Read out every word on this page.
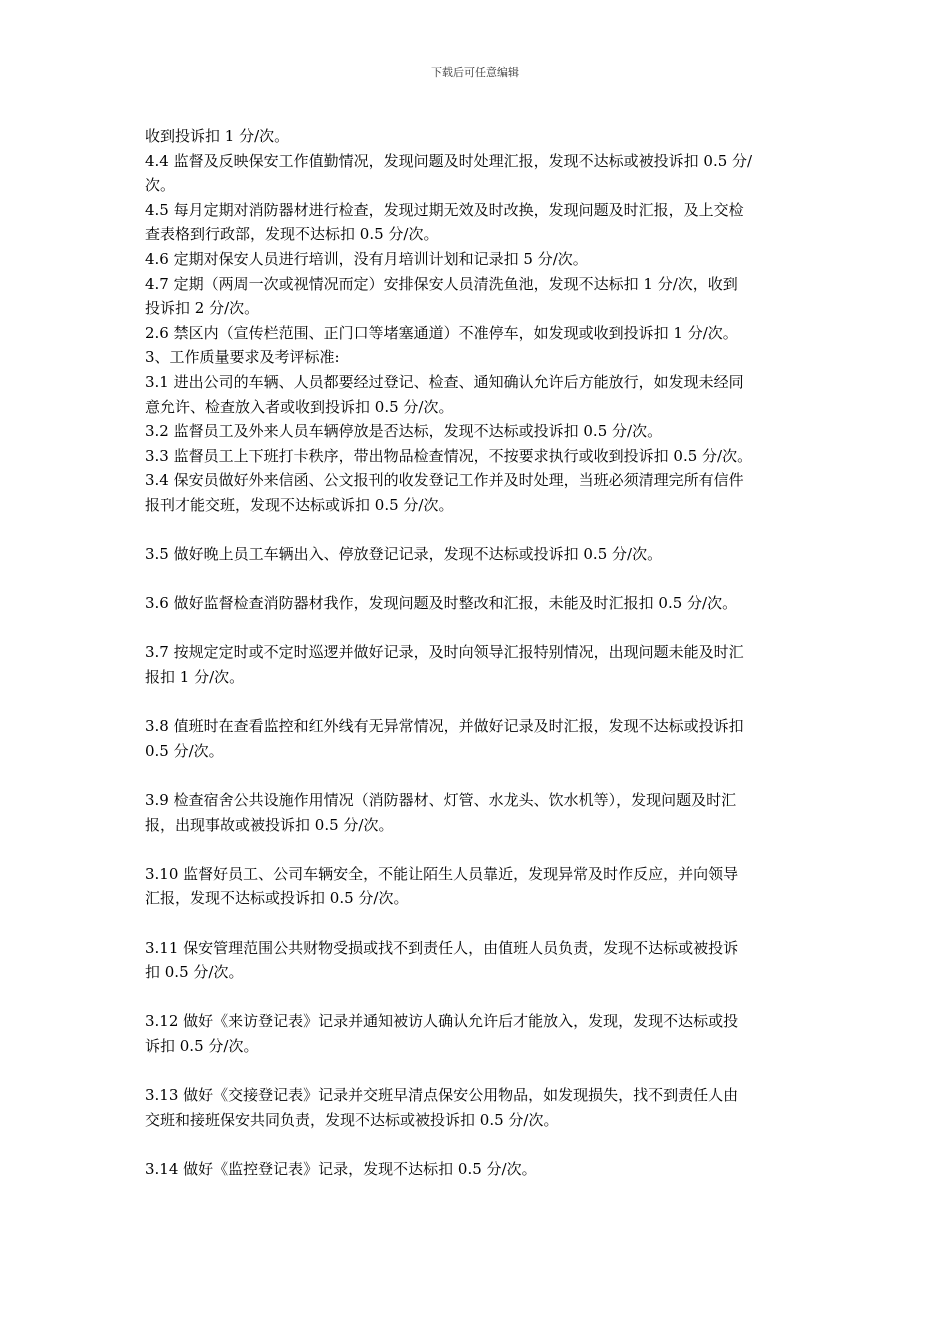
下载后可任意编辑
收到投诉扣 1 分/次。
4.4 监督及反映保安工作值勤情况，发现问题及时处理汇报，发现不达标或被投诉扣 0.5 分/
次。
4.5 每月定期对消防器材进行检查，发现过期无效及时改换，发现问题及时汇报，及上交检
查表格到行政部，发现不达标扣 0.5 分/次。
4.6 定期对保安人员进行培训，没有月培训计划和记录扣 5 分/次。
4.7 定期（两周一次或视情况而定）安排保安人员清洗鱼池，发现不达标扣 1 分/次，收到
投诉扣 2 分/次。
2.6 禁区内（宣传栏范围、正门口等堵塞通道）不准停车，如发现或收到投诉扣 1 分/次。
3、工作质量要求及考评标准:
3.1 进出公司的车辆、人员都要经过登记、检查、通知确认允许后方能放行，如发现未经同
意允许、检查放入者或收到投诉扣 0.5 分/次。
3.2 监督员工及外来人员车辆停放是否达标，发现不达标或投诉扣 0.5 分/次。
3.3 监督员工上下班打卡秩序，带出物品检查情况，不按要求执行或收到投诉扣 0.5 分/次。
3.4 保安员做好外来信函、公文报刊的收发登记工作并及时处理，当班必须清理完所有信件
报刊才能交班，发现不达标或诉扣 0.5 分/次。
3.5 做好晚上员工车辆出入、停放登记记录，发现不达标或投诉扣 0.5 分/次。
3.6 做好监督检查消防器材我作，发现问题及时整改和汇报，未能及时汇报扣 0.5 分/次。
3.7 按规定定时或不定时巡逻并做好记录，及时向领导汇报特别情况，出现问题未能及时汇
报扣 1 分/次。
3.8 值班时在查看监控和红外线有无异常情况，并做好记录及时汇报，发现不达标或投诉扣
0.5 分/次。
3.9 检查宿舍公共设施作用情况（消防器材、灯管、水龙头、饮水机等），发现问题及时汇
报，出现事故或被投诉扣 0.5 分/次。
3.10 监督好员工、公司车辆安全，不能让陌生人员靠近，发现异常及时作反应，并向领导
汇报，发现不达标或投诉扣 0.5 分/次。
3.11 保安管理范围公共财物受损或找不到责任人，由值班人员负责，发现不达标或被投诉
扣 0.5 分/次。
3.12 做好《来访登记表》记录并通知被访人确认允许后才能放入，发现，发现不达标或投
诉扣 0.5 分/次。
3.13 做好《交接登记表》记录并交班早清点保安公用物品，如发现损失，找不到责任人由
交班和接班保安共同负责，发现不达标或被投诉扣 0.5 分/次。
3.14 做好《监控登记表》记录，发现不达标扣 0.5 分/次。
